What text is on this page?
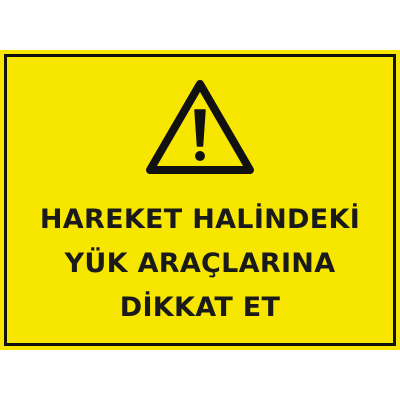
HAREKET HALİNDEKİ
YÜK ARAÇLARINA
DİKKAT ET
